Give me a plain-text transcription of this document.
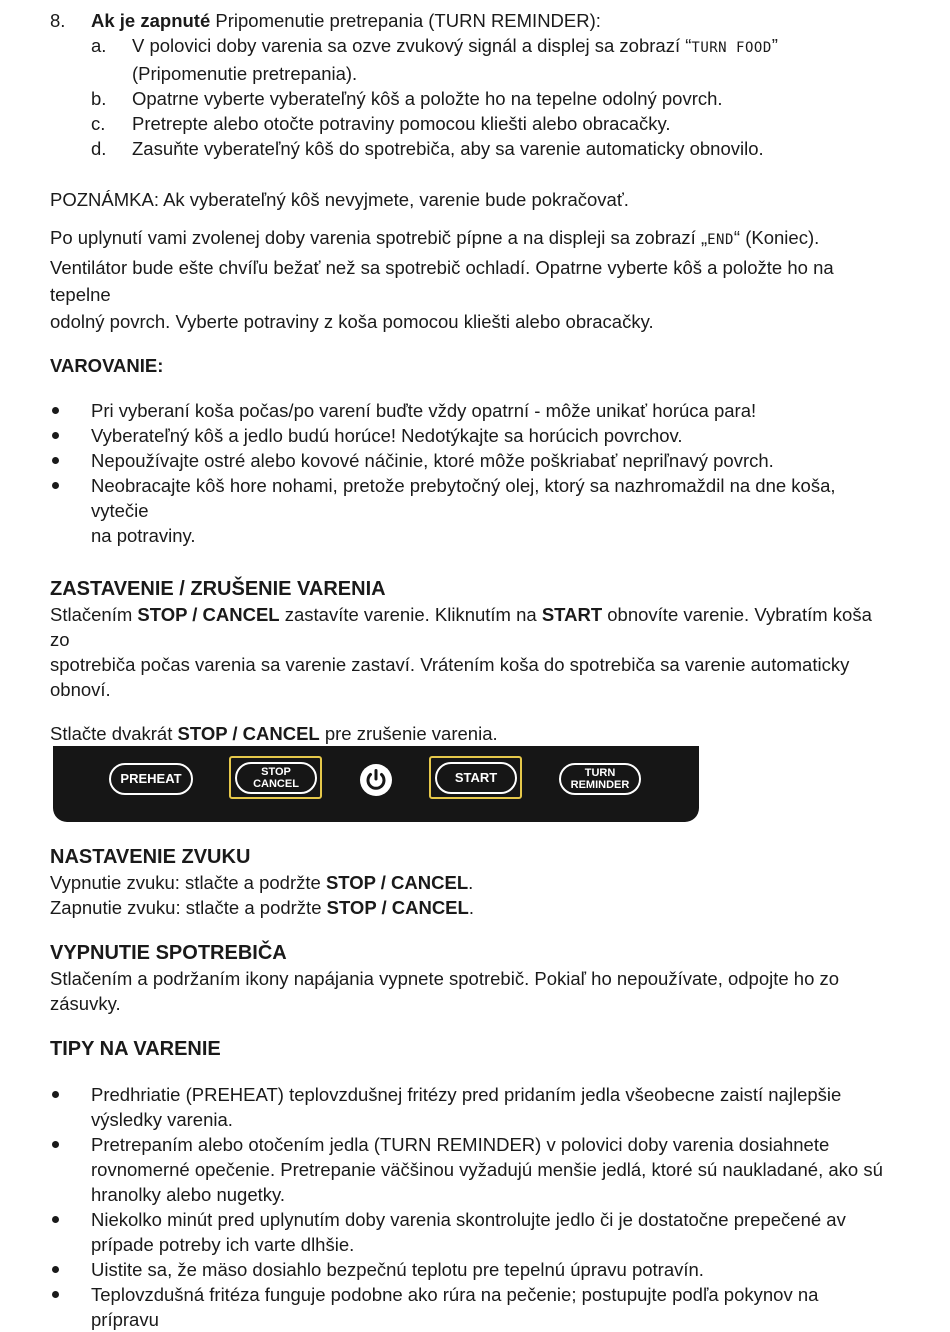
8.	Ak je zapnuté Pripomenutie pretrepania (TURN REMINDER):
a.	V polovici doby varenia sa ozve zvukový signál a displej sa zobrazí “TURN FOOD”
(Pripomenutie pretrepania).
b.	Opatrne vyberte vyberateľný kôš a položte ho na tepelne odolný povrch.
c.	Pretrepte alebo otočte potraviny pomocou kliešti alebo obracačky.
d.	Zasuňte vyberateľný kôš do spotrebiča, aby sa varenie automaticky obnovilo.
POZNÁMKA: Ak vyberateľný kôš nevyjmete, varenie bude pokračovať.
Po uplynutí vami zvolenej doby varenia spotrebič pípne a na displeji sa zobrazí „END“ (Koniec).
Ventilátor bude ešte chvíľu bežať než sa spotrebič ochladí. Opatrne vyberte kôš a položte ho na tepelne
odolný povrch. Vyberte potraviny z koša pomocou kliešti alebo obracačky.
VAROVANIE:
Pri vyberaní koša počas/po varení buďte vždy opatrní - môže unikať horúca para!
Vyberateľný kôš a jedlo budú horúce! Nedotýkajte sa horúcich povrchov.
Nepoužívajte ostré alebo kovové náčinie, ktoré môže poškriabať nepriľnavý povrch.
Neobracajte kôš hore nohami, pretože prebytočný olej, ktorý sa nazhromaždil na dne koša, vytečie
na potraviny.
ZASTAVENIE / ZRUŠENIE VARENIA
Stlačením STOP / CANCEL zastavíte varenie. Kliknutím na START obnovíte varenie. Vybratím koša zo
spotrebiča počas varenia sa varenie zastaví. Vrátením koša do spotrebiča sa varenie automaticky
obnoví.
Stlačte dvakrát STOP / CANCEL pre zrušenie varenia.
PREHEAT	STOP
CANCEL	START	TURN
REMINDER
NASTAVENIE ZVUKU
Vypnutie zvuku: stlačte a podržte STOP / CANCEL.
Zapnutie zvuku: stlačte a podržte STOP / CANCEL.
VYPNUTIE SPOTREBIČA
Stlačením a podržaním ikony napájania vypnete spotrebič. Pokiaľ ho nepoužívate, odpojte ho zo
zásuvky.
TIPY NA VARENIE
Predhriatie (PREHEAT) teplovzdušnej fritézy pred pridaním jedla všeobecne zaistí najlepšie
výsledky varenia.
Pretrepaním alebo otočením jedla (TURN REMINDER) v polovici doby varenia dosiahnete
rovnomerné opečenie. Pretrepanie väčšinou vyžadujú menšie jedlá, ktoré sú naukladané, ako sú
hranolky alebo nugetky.
Niekolko minút pred uplynutím doby varenia skontrolujte jedlo či je dostatočne prepečené av
prípade potreby ich varte dlhšie.
Uistite sa, že mäso dosiahlo bezpečnú teplotu pre tepelnú úpravu potravín.
Teplovzdušná fritéza funguje podobne ako rúra na pečenie; postupujte podľa pokynov na prípravu
